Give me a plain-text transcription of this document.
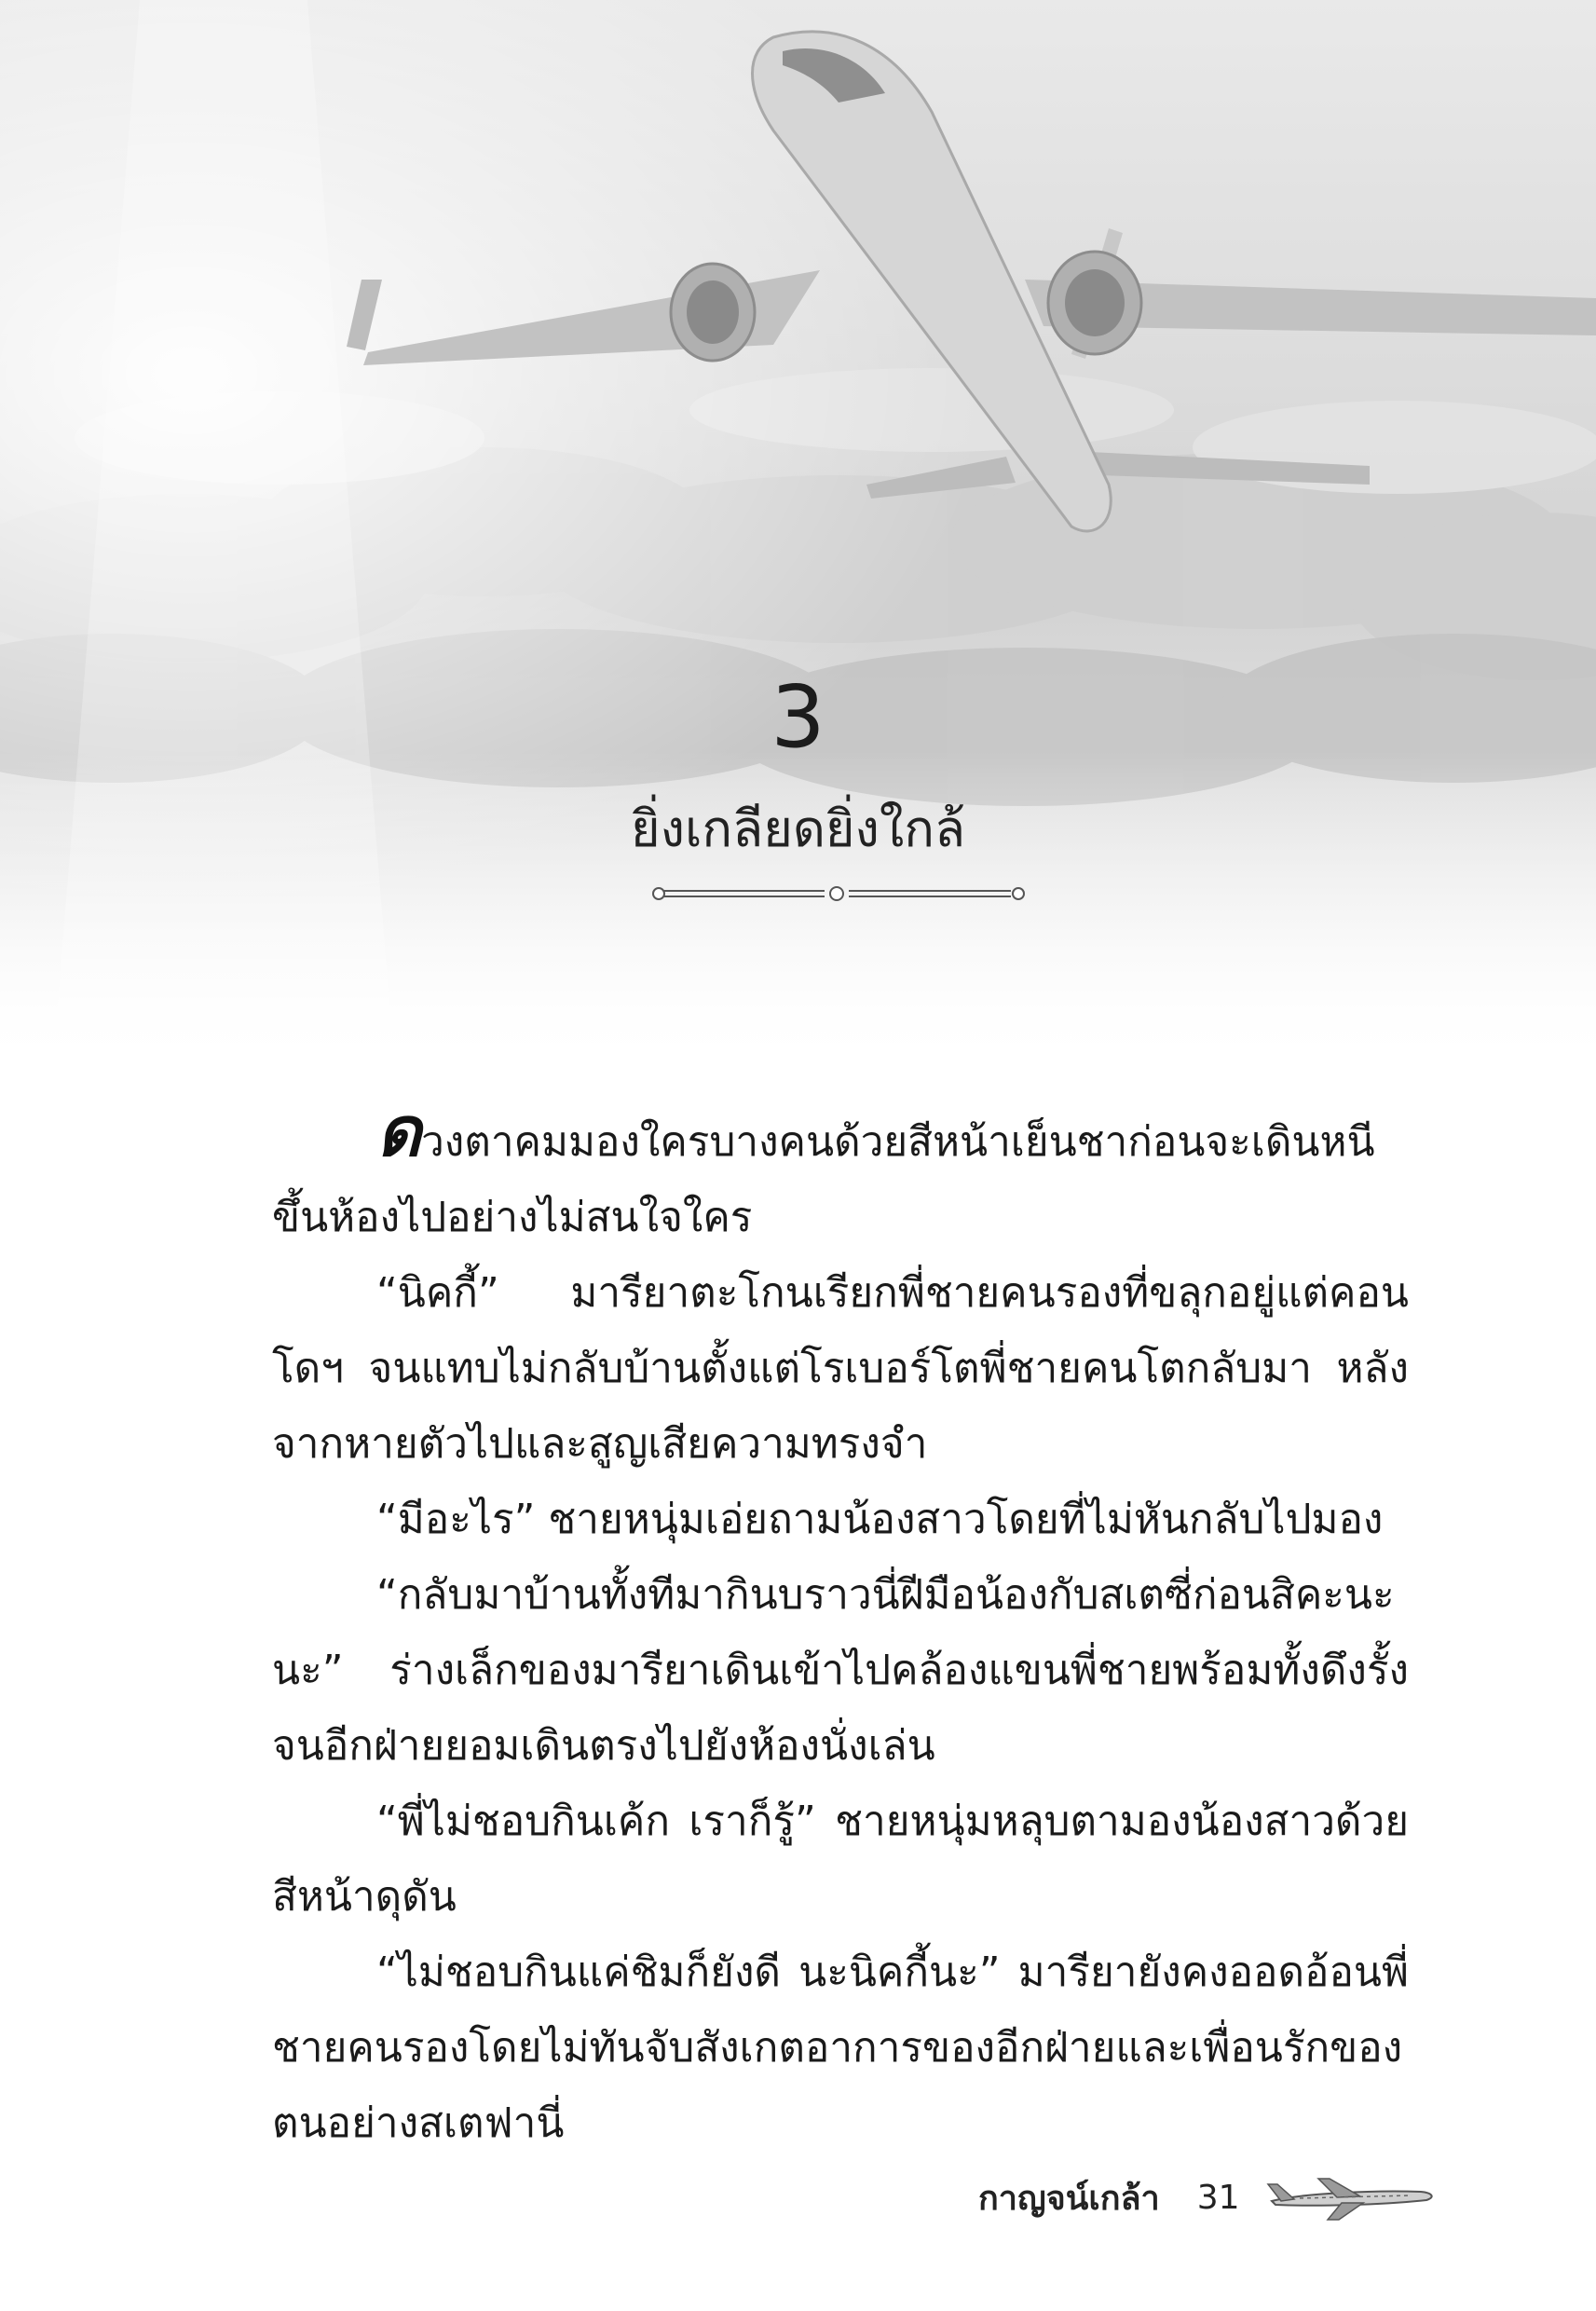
3
ยิ่งเกลียดยิ่งใกล้

ดวงตาคมมองใครบางคนด้วยสีหน้าเย็นชาก่อนจะเดินหนีขึ้นห้องไปอย่างไม่สนใจใคร

“นิคกี้” มารียาตะโกนเรียกพี่ชายคนรองที่ขลุกอยู่แต่คอนโดฯ จนแทบไม่กลับบ้านตั้งแต่โรเบอร์โตพี่ชายคนโตกลับมา หลังจากหายตัวไปและสูญเสียความทรงจำ

“มีอะไร” ชายหนุ่มเอ่ยถามน้องสาวโดยที่ไม่หันกลับไปมอง

“กลับมาบ้านทั้งทีมากินบราวนี่ฝีมือน้องกับสเตซี่ก่อนสิคะนะนะ” ร่างเล็กของมารียาเดินเข้าไปคล้องแขนพี่ชายพร้อมทั้งดึงรั้งจนอีกฝ่ายยอมเดินตรงไปยังห้องนั่งเล่น

“พี่ไม่ชอบกินเค้ก เราก็รู้” ชายหนุ่มหลุบตามองน้องสาวด้วยสีหน้าดุดัน

“ไม่ชอบกินแค่ชิมก็ยังดี นะนิคกี้นะ” มารียายังคงออดอ้อนพี่ชายคนรองโดยไม่ทันจับสังเกตอาการของอีกฝ่ายและเพื่อนรักของตนอย่างสเตฟานี่

กาญจน์เกล้า 31
